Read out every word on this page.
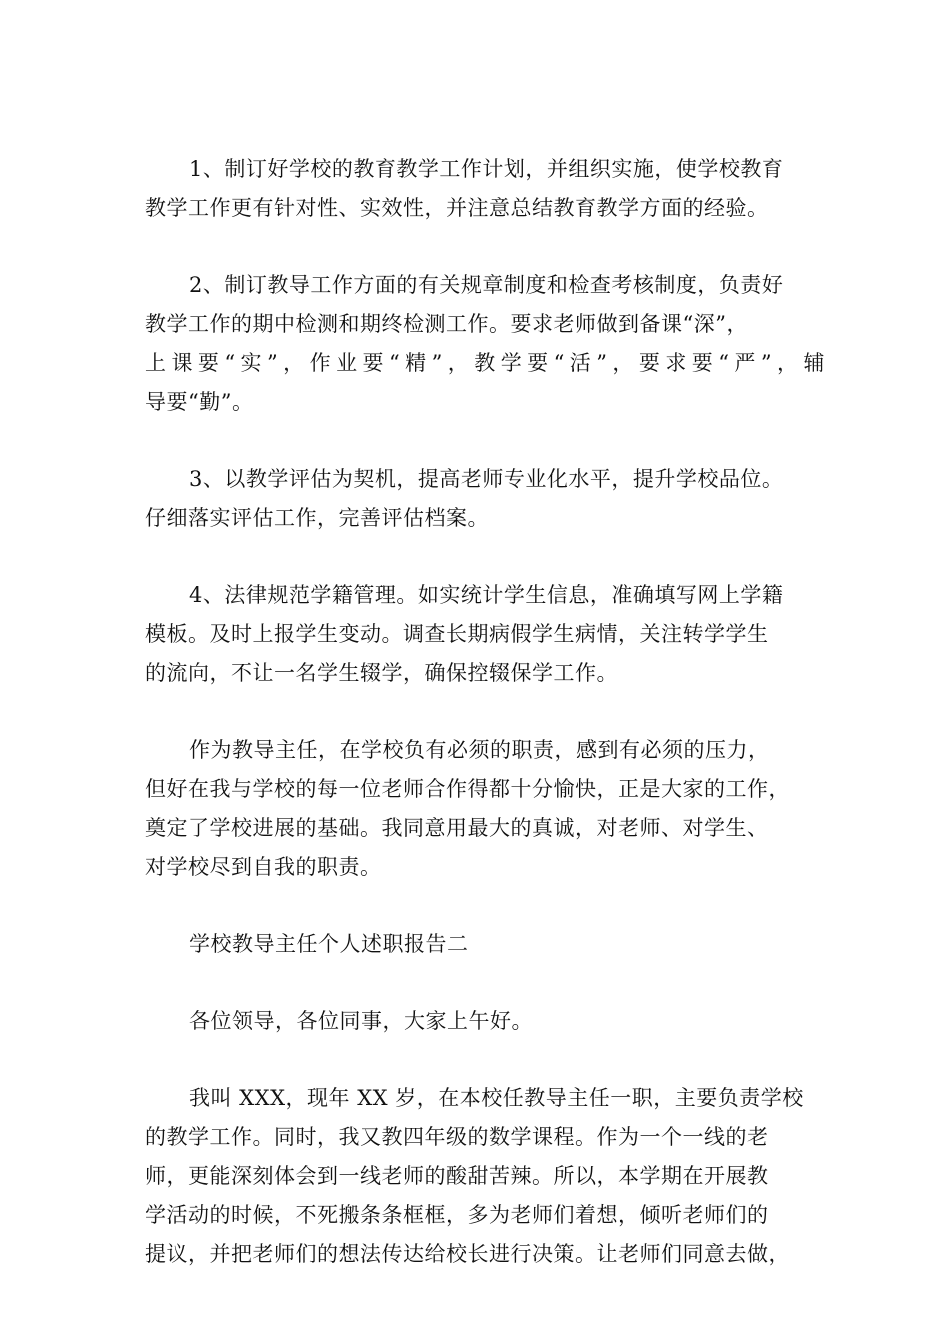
1、制订好学校的教育教学工作计划，并组织实施，使学校教育
教学工作更有针对性、实效性，并注意总结教育教学方面的经验。

2、制订教导工作方面的有关规章制度和检查考核制度，负责好
教学工作的期中检测和期终检测工作。要求老师做到备课“深”，
上课要“实”，作业要“精”，教学要“活”，要求要“严”，辅
导要“勤”。

3、以教学评估为契机，提高老师专业化水平，提升学校品位。
仔细落实评估工作，完善评估档案。

4、法律规范学籍管理。如实统计学生信息，准确填写网上学籍
模板。及时上报学生变动。调查长期病假学生病情，关注转学学生
的流向，不让一名学生辍学，确保控辍保学工作。

作为教导主任，在学校负有必须的职责，感到有必须的压力，
但好在我与学校的每一位老师合作得都十分愉快，正是大家的工作，
奠定了学校进展的基础。我同意用最大的真诚，对老师、对学生、
对学校尽到自我的职责。

学校教导主任个人述职报告二

各位领导，各位同事，大家上午好。

我叫 XXX，现年 XX 岁，在本校任教导主任一职，主要负责学校
的教学工作。同时，我又教四年级的数学课程。作为一个一线的老
师，更能深刻体会到一线老师的酸甜苦辣。所以，本学期在开展教
学活动的时候，不死搬条条框框，多为老师们着想，倾听老师们的
提议，并把老师们的想法传达给校长进行决策。让老师们同意去做，
